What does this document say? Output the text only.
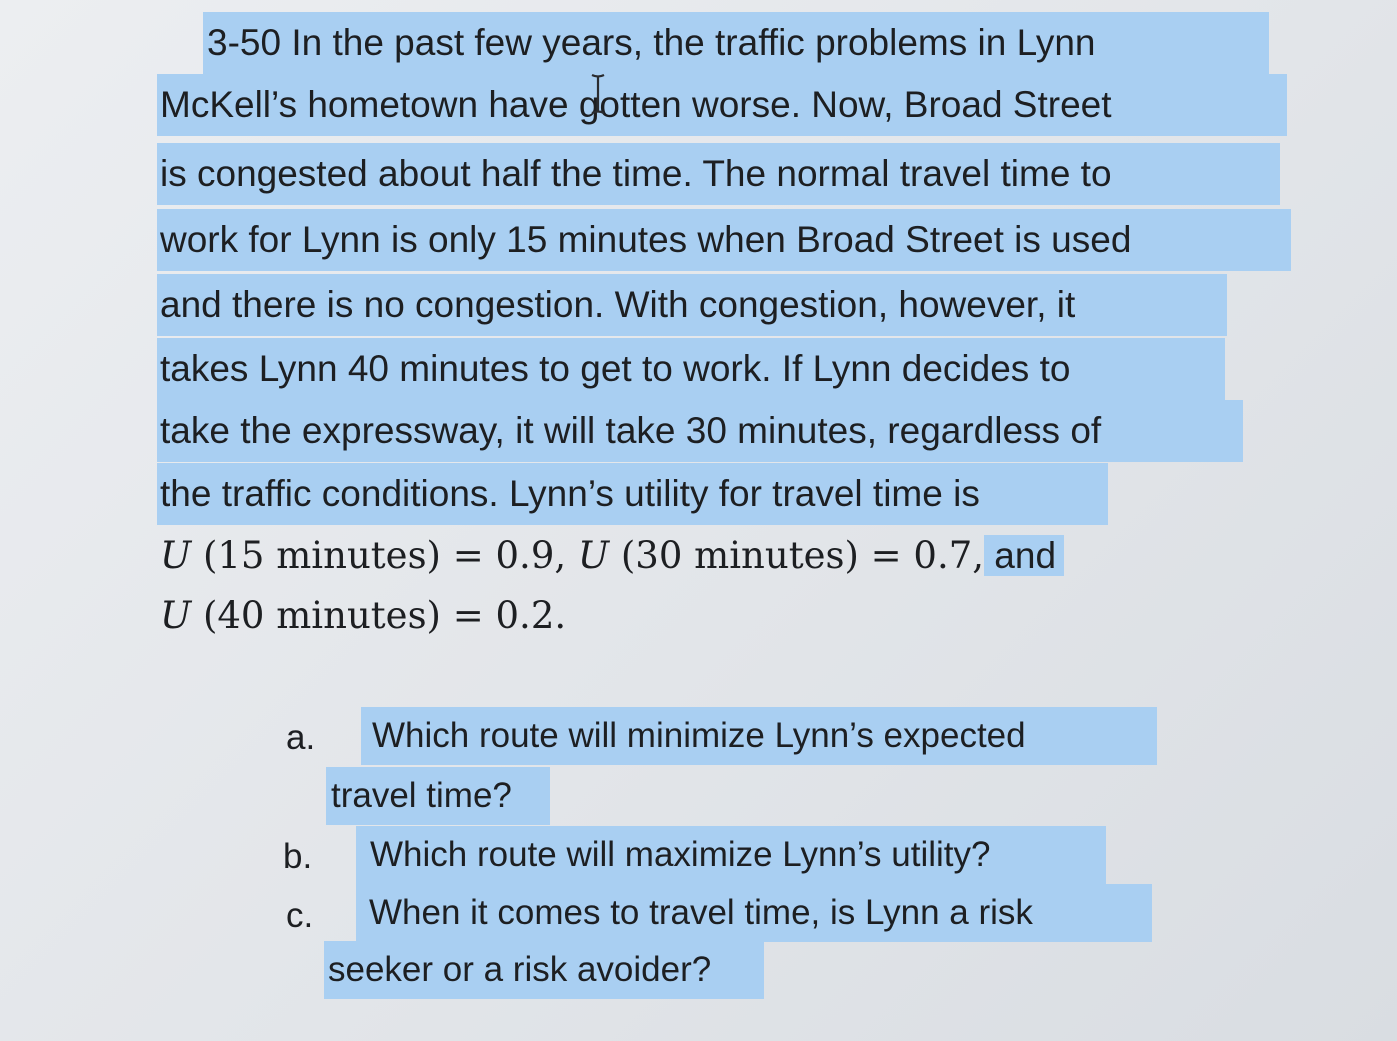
3-50 In the past few years, the traffic problems in Lynn
McKell’s hometown have gotten worse. Now, Broad Street
is congested about half the time. The normal travel time to
work for Lynn is only 15 minutes when Broad Street is used
and there is no congestion. With congestion, however, it
takes Lynn 40 minutes to get to work. If Lynn decides to
take the expressway, it will take 30 minutes, regardless of
the traffic conditions. Lynn’s utility for travel time is
U (15 minutes) = 0.9, U (30 minutes) = 0.7, and
U (40 minutes) = 0.2.
a.	Which route will minimize Lynn’s expected
travel time?
b.	Which route will maximize Lynn’s utility?
c.	When it comes to travel time, is Lynn a risk
seeker or a risk avoider?
